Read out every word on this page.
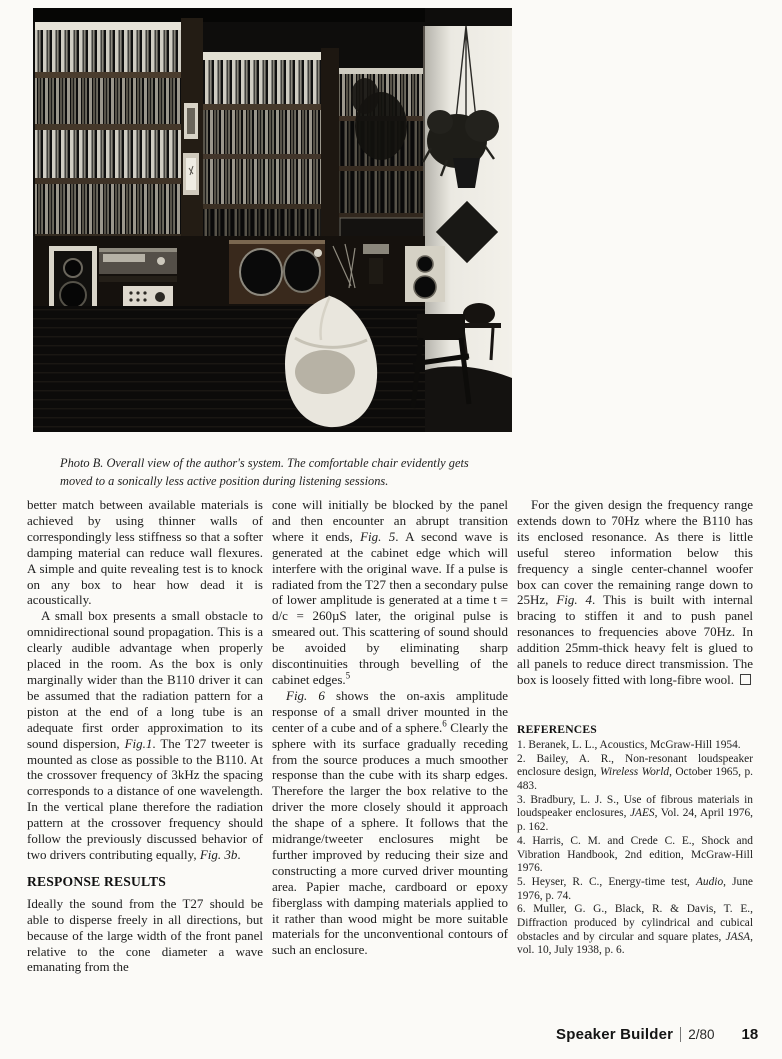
Photo B. Overall view of the author's system. The comfortable chair evidently gets moved to a sonically less active position during listening sessions.

better match between available materials is achieved by using thinner walls of correspondingly less stiffness so that a softer damping material can reduce wall flexures. A simple and quite revealing test is to knock on any box to hear how dead it is acoustically.

A small box presents a small obstacle to omnidirectional sound propagation. This is a clearly audible advantage when properly placed in the room. As the box is only marginally wider than the B110 driver it can be assumed that the radiation pattern for a piston at the end of a long tube is an adequate first order approximation to its sound dispersion, Fig.1. The T27 tweeter is mounted as close as possible to the B110. At the crossover frequency of 3kHz the spacing corresponds to a distance of one wavelength. In the vertical plane therefore the radiation pattern at the crossover frequency should follow the previously discussed behavior of two drivers contributing equally, Fig. 3b.

RESPONSE RESULTS

Ideally the sound from the T27 should be able to disperse freely in all directions, but because of the large width of the front panel relative to the cone diameter a wave emanating from the

cone will initially be blocked by the panel and then encounter an abrupt transition where it ends, Fig. 5. A second wave is generated at the cabinet edge which will interfere with the original wave. If a pulse is radiated from the T27 then a secondary pulse of lower amplitude is generated at a time t = d/c = 260µS later, the original pulse is smeared out. This scattering of sound should be avoided by eliminating sharp discontinuities through bevelling of the cabinet edges.$^5$

Fig. 6 shows the on-axis amplitude response of a small driver mounted in the center of a cube and of a sphere.$^6$ Clearly the sphere with its surface gradually receding from the source produces a much smoother response than the cube with its sharp edges. Therefore the larger the box relative to the driver the more closely should it approach the shape of a sphere. It follows that the midrange/tweeter enclosures might be further improved by reducing their size and constructing a more curved driver mounting area. Papier mache, cardboard or epoxy fiberglass with damping materials applied to it rather than wood might be more suitable materials for the unconventional contours of such an enclosure.

For the given design the frequency range extends down to 70Hz where the B110 has its enclosed resonance. As there is little useful stereo information below this frequency a single center-channel woofer box can cover the remaining range down to 25Hz, Fig. 4. This is built with internal bracing to stiffen it and to push panel resonances to frequencies above 70Hz. In addition 25mm-thick heavy felt is glued to all panels to reduce direct transmission. The box is loosely fitted with long-fibre wool.

REFERENCES

1. Beranek, L. L., Acoustics, McGraw-Hill 1954.

2. Bailey, A. R., Non-resonant loudspeaker enclosure design, Wireless World, October 1965, p. 483.

3. Bradbury, L. J. S., Use of fibrous materials in loudspeaker enclosures, JAES, Vol. 24, April 1976, p. 162.

4. Harris, C. M. and Crede C. E., Shock and Vibration Handbook, 2nd edition, McGraw-Hill 1976.

5. Heyser, R. C., Energy-time test, Audio, June 1976, p. 74.

6. Muller, G. G., Black, R. & Davis, T. E., Diffraction produced by cylindrical and cubical obstacles and by circular and square plates, JASA, vol. 10, July 1938, p. 6.

Speaker Builder 2/80 18
